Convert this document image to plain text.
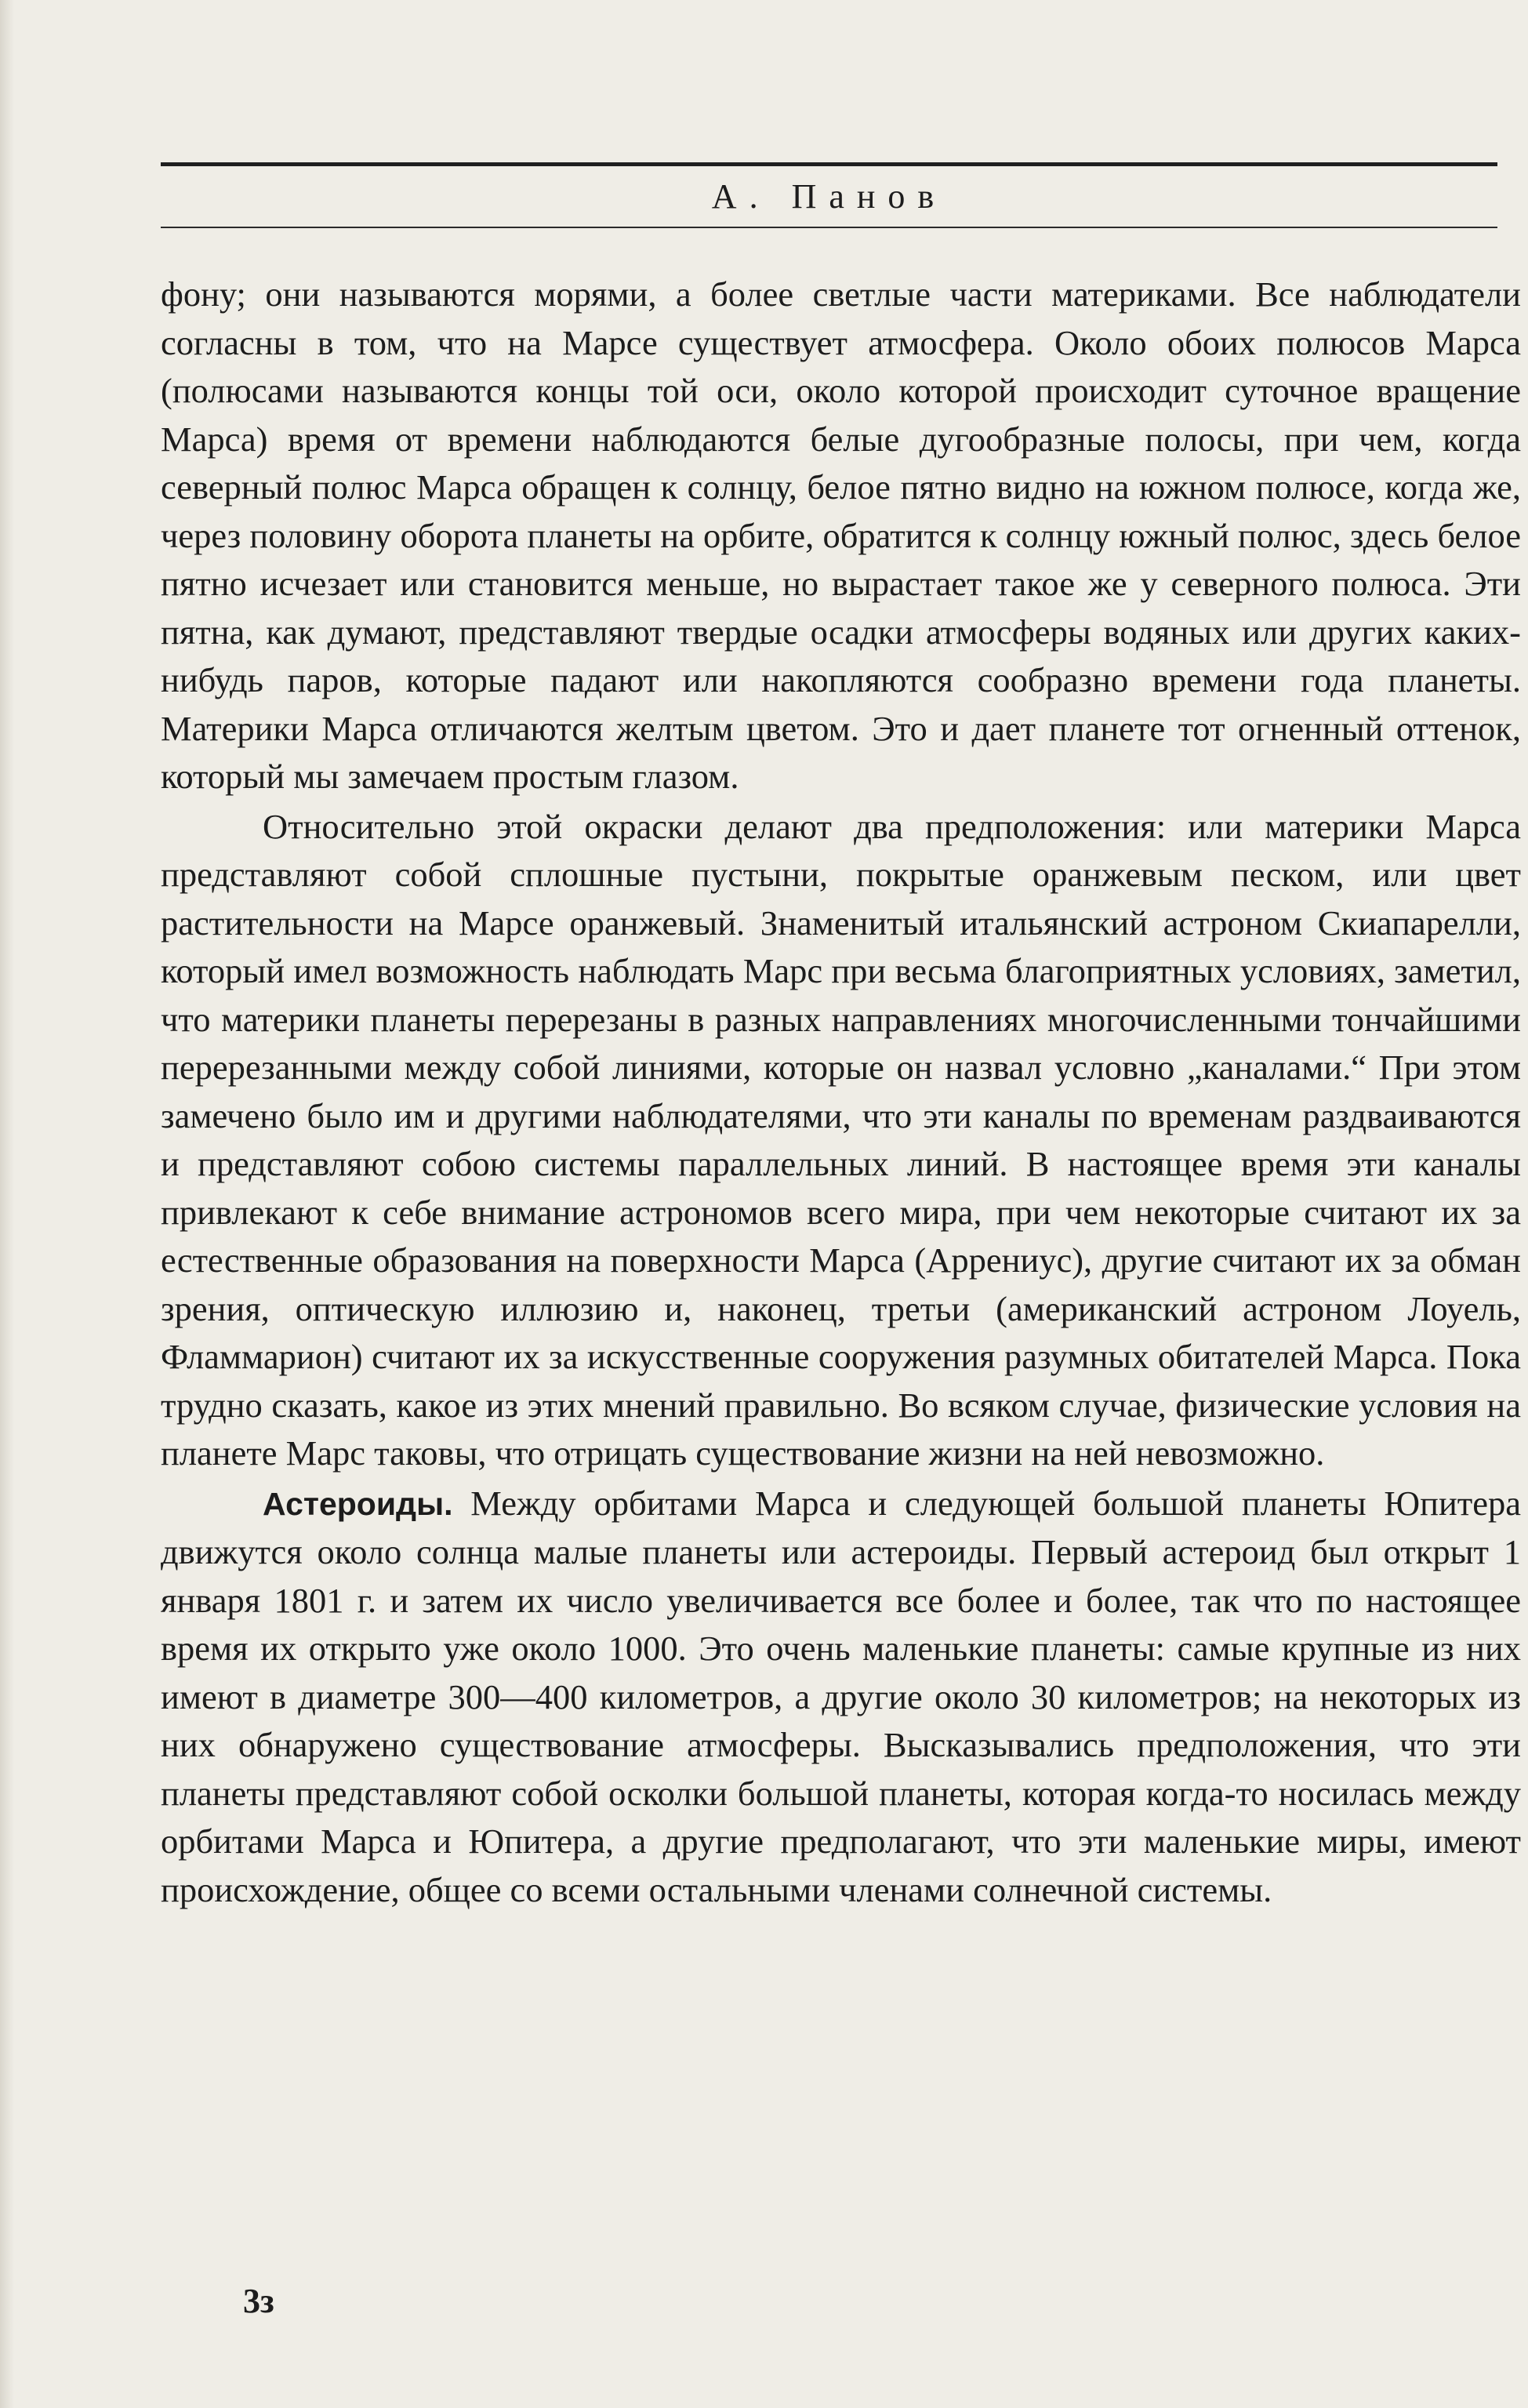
А. Панов

фону; они называются морями, а более светлые части материками. Все наблюдатели согласны в том, что на Марсе существует атмосфера. Около обоих полюсов Марса (полюсами называются концы той оси, около которой происходит суточное вращение Марса) время от времени наблюдаются белые дугообразные полосы, при чем, когда северный полюс Марса обращен к солнцу, белое пятно видно на южном полюсе, когда же, через половину оборота планеты на орбите, обратится к солнцу южный полюс, здесь белое пятно исчезает или становится меньше, но вырастает такое же у северного полюса. Эти пятна, как думают, представляют твердые осадки атмосферы водяных или других каких-нибудь паров, которые падают или накопляются сообразно времени года планеты. Материки Марса отличаются желтым цветом. Это и дает планете тот огненный оттенок, который мы замечаем простым глазом.

Относительно этой окраски делают два предположения: или материки Марса представляют собой сплошные пустыни, покрытые оранжевым песком, или цвет растительности на Марсе оранжевый. Знаменитый итальянский астроном Скиапарелли, который имел возможность наблюдать Марс при весьма благоприятных условиях, заметил, что материки планеты перерезаны в разных направлениях многочисленными тончайшими перерезанными между собой линиями, которые он назвал условно „каналами.“ При этом замечено было им и другими наблюдателями, что эти каналы по временам раздваиваются и представляют собою системы параллельных линий. В настоящее время эти каналы привлекают к себе внимание астрономов всего мира, при чем некоторые считают их за естественные образования на поверхности Марса (Аррениус), другие считают их за обман зрения, оптическую иллюзию и, наконец, третьи (американский астроном Лоуель, Фламмарион) считают их за искусственные сооружения разумных обитателей Марса. Пока трудно сказать, какое из этих мнений правильно. Во всяком случае, физические условия на планете Марс таковы, что отрицать существование жизни на ней невозможно.

Астероиды. Между орбитами Марса и следующей большой планеты Юпитера движутся около солнца малые планеты или астероиды. Первый астероид был открыт 1 января 1801 г. и затем их число увеличивается все более и более, так что по настоящее время их открыто уже около 1000. Это очень маленькие планеты: самые крупные из них имеют в диаметре 300—400 километров, а другие около 30 километров; на некоторых из них обнаружено существование атмосферы. Высказывались предположения, что эти планеты представляют собой осколки большой планеты, которая когда-то носилась между орбитами Марса и Юпитера, а другие предполагают, что эти маленькие миры, имеют происхождение, общее со всеми остальными членами солнечной системы.

3з
